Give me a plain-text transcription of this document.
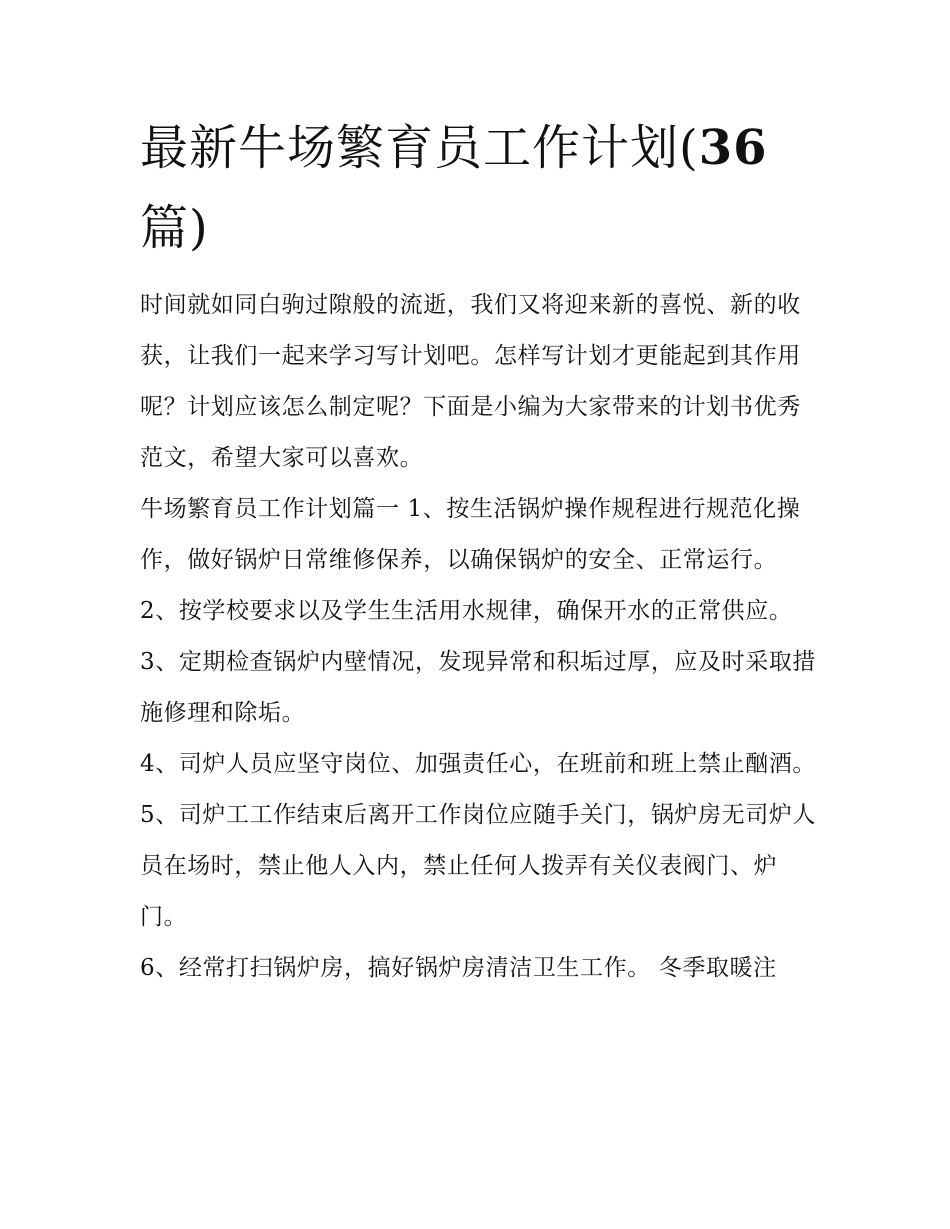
最新牛场繁育员工作计划(36
篇)

时间就如同白驹过隙般的流逝，我们又将迎来新的喜悦、新的收获，让我们一起来学习写计划吧。怎样写计划才更能起到其作用呢？计划应该怎么制定呢？下面是小编为大家带来的计划书优秀范文，希望大家可以喜欢。

牛场繁育员工作计划篇一 1、按生活锅炉操作规程进行规范化操作，做好锅炉日常维修保养，以确保锅炉的安全、正常运行。

2、按学校要求以及学生生活用水规律，确保开水的正常供应。 3、定期检查锅炉内壁情况，发现异常和积垢过厚，应及时采取措施修理和除垢。

4、司炉人员应坚守岗位、加强责任心，在班前和班上禁止酗酒。

5、司炉工工作结束后离开工作岗位应随手关门，锅炉房无司炉人员在场时，禁止他人入内，禁止任何人拨弄有关仪表阀门、炉门。

6、经常打扫锅炉房，搞好锅炉房清洁卫生工作。 冬季取暖注
